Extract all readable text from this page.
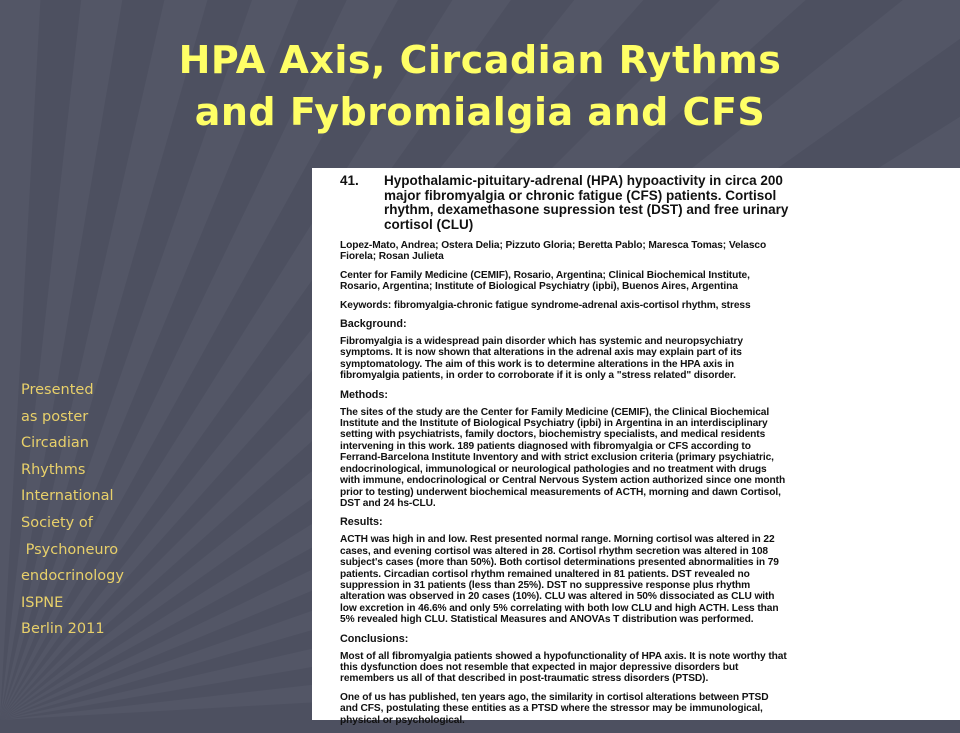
HPA Axis, Circadian Rythms
and Fybromialgia and CFS
Presented
as poster
Circadian
Rhythms
International
Society of
Psychoneuro
endocrinology
ISPNE
Berlin 2011
41. Hypothalamic-pituitary-adrenal (HPA) hypoactivity in circa 200
major fibromyalgia or chronic fatigue (CFS) patients. Cortisol
rhythm, dexamethasone supression test (DST) and free urinary
cortisol (CLU)
Lopez-Mato, Andrea; Ostera Delia; Pizzuto Gloria; Beretta Pablo; Maresca Tomas; Velasco
Fiorela; Rosan Julieta
Center for Family Medicine (CEMIF), Rosario, Argentina; Clinical Biochemical Institute,
Rosario, Argentina; Institute of Biological Psychiatry (ipbi), Buenos Aires, Argentina
Keywords: fibromyalgia-chronic fatigue syndrome-adrenal axis-cortisol rhythm, stress
Background:
Fibromyalgia is a widespread pain disorder which has systemic and neuropsychiatry
symptoms. It is now shown that alterations in the adrenal axis may explain part of its
symptomatology. The aim of this work is to determine alterations in the HPA axis in
fibromyalgia patients, in order to corroborate if it is only a "stress related" disorder.
Methods:
The sites of the study are the Center for Family Medicine (CEMIF), the Clinical Biochemical
Institute and the Institute of Biological Psychiatry (ipbi) in Argentina in an interdisciplinary
setting with psychiatrists, family doctors, biochemistry specialists, and medical residents
intervening in this work. 189 patients diagnosed with fibromyalgia or CFS according to
Ferrand-Barcelona Institute Inventory and with strict exclusion criteria (primary psychiatric,
endocrinological, immunological or neurological pathologies and no treatment with drugs
with immune, endocrinological or Central Nervous System action authorized since one month
prior to testing) underwent biochemical measurements of ACTH, morning and dawn Cortisol,
DST and 24 hs-CLU.
Results:
ACTH was high in and low. Rest presented normal range. Morning cortisol was altered in 22
cases, and evening cortisol was altered in 28. Cortisol rhythm secretion was altered in 108
subject's cases (more than 50%). Both cortisol determinations presented abnormalities in 79
patients. Circadian cortisol rhythm remained unaltered in 81 patients. DST revealed no
suppression in 31 patients (less than 25%). DST no suppressive response plus rhythm
alteration was observed in 20 cases (10%). CLU was altered in 50% dissociated as CLU with
low excretion in 46.6% and only 5% correlating with both low CLU and high ACTH. Less than
5% revealed high CLU. Statistical Measures and ANOVAs T distribution was performed.
Conclusions:
Most of all fibromyalgia patients showed a hypofunctionality of HPA axis. It is note worthy that
this dysfunction does not resemble that expected in major depressive disorders but
remembers us all of that described in post-traumatic stress disorders (PTSD).
One of us has published, ten years ago, the similarity in cortisol alterations between PTSD
and CFS, postulating these entities as a PTSD where the stressor may be immunological,
physical or psychological.
